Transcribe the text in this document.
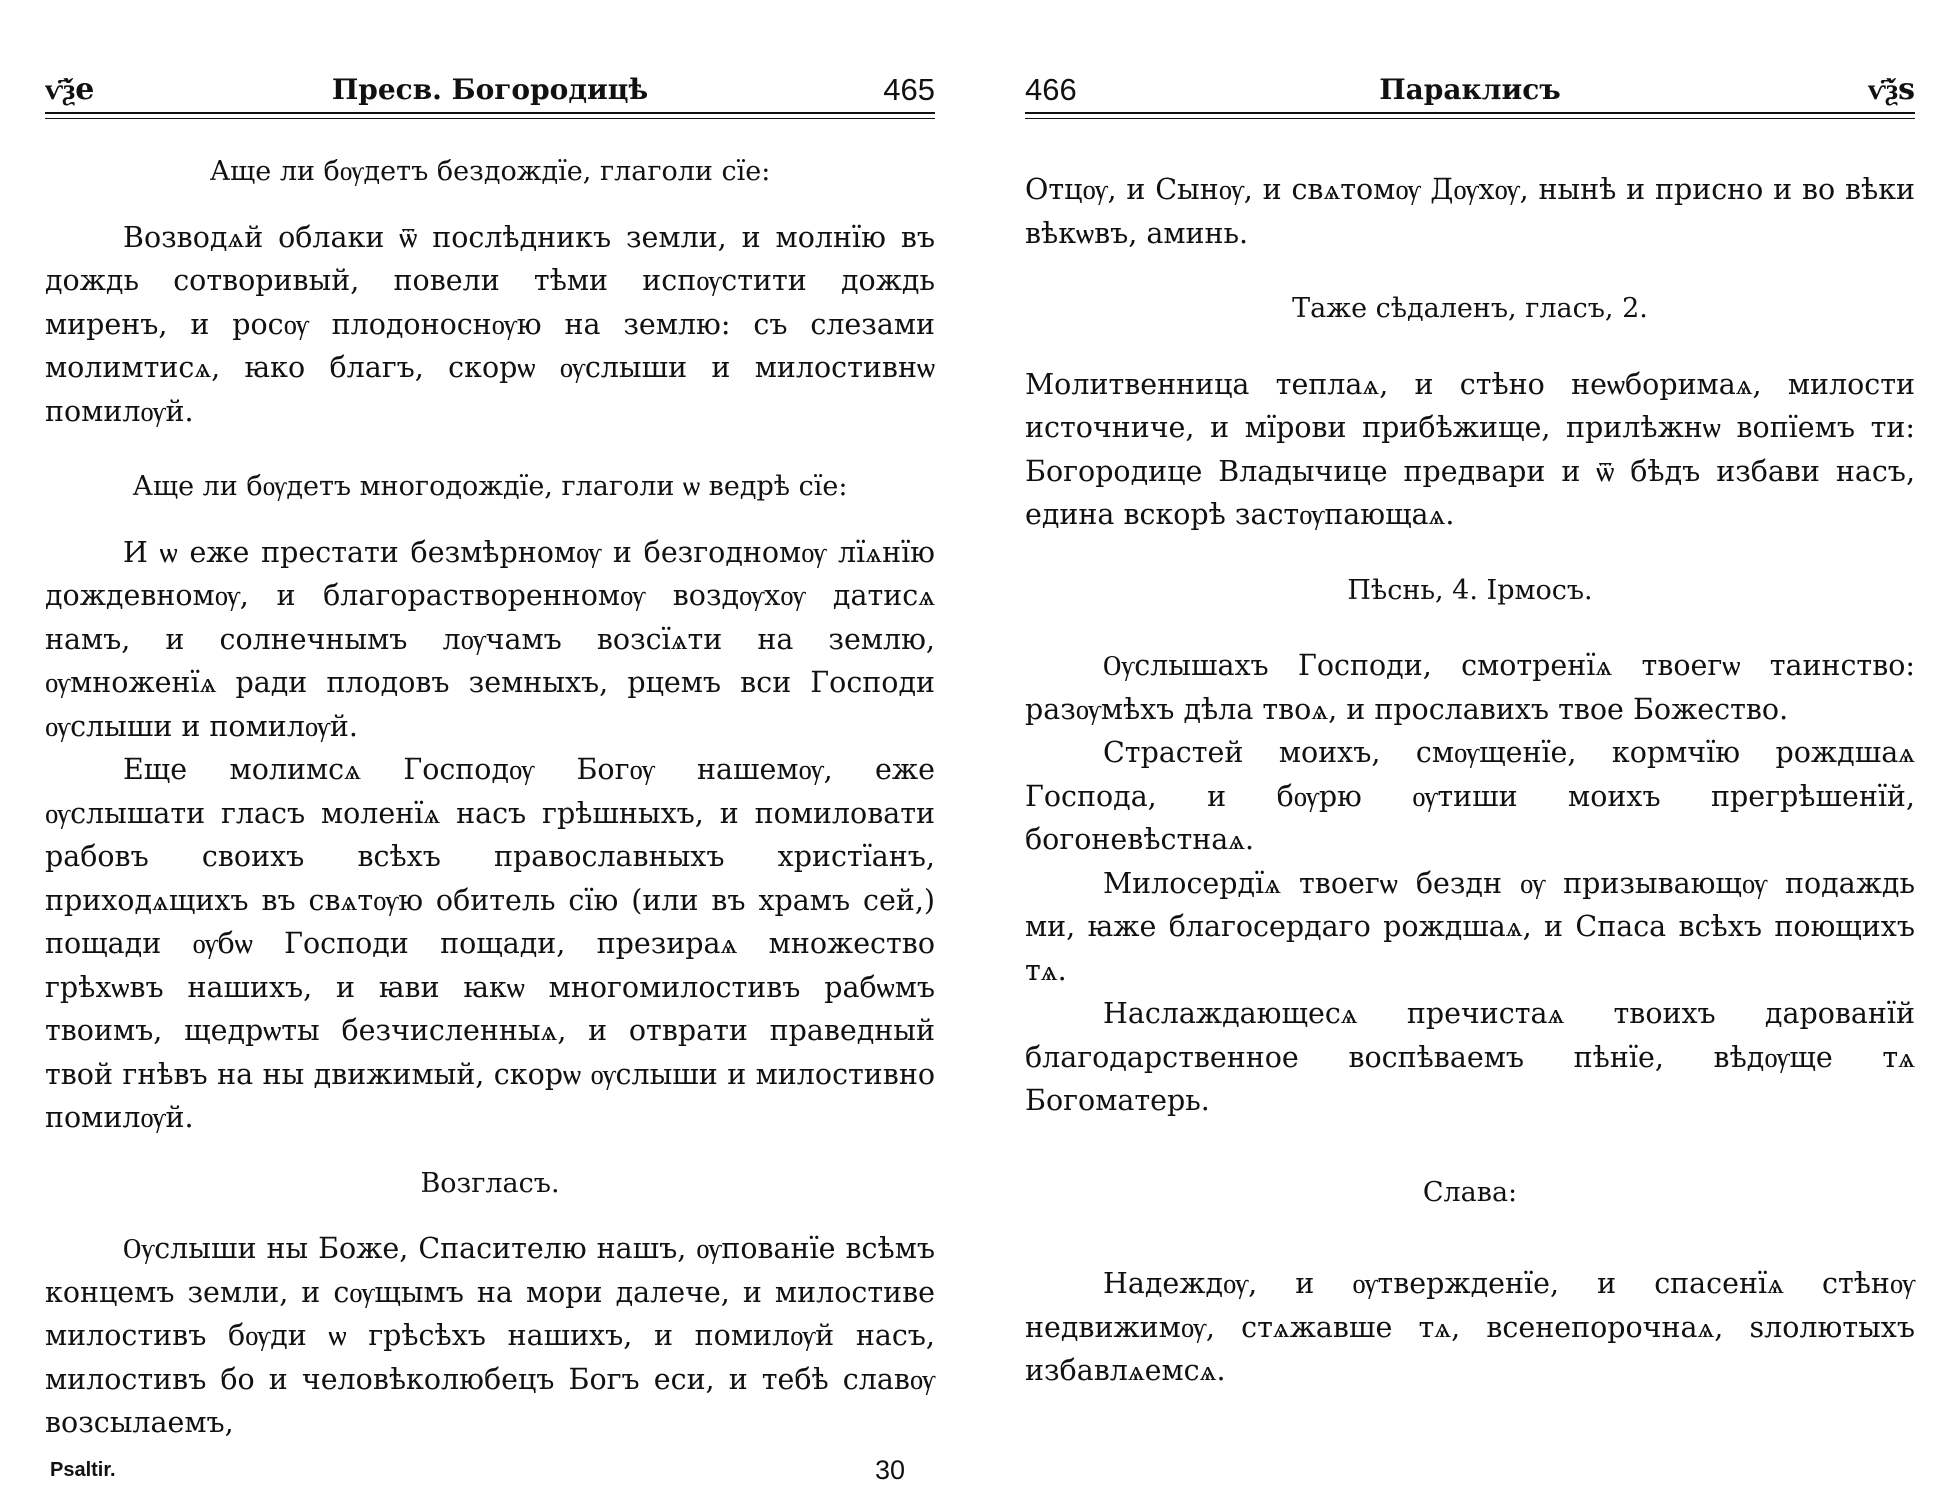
ѵ҃ѯе	Пресв. Богородицѣ	465

Аще ли бѹдетъ бездождїе, глаголи сїе:

Возводѧй облаки ѿ послѣдникъ земли, и молнїю въ дождь сотворивый, повели тѣми испѹстити дождь миренъ, и росѹ плодоноснѹю на землю: съ слезами молимтисѧ, ꙗко благъ, скорѡ ѹслыши и милостивнѡ помилѹй.

Аще ли бѹдетъ многодождїе, глаголи ѡ ведрѣ сїе:

И ѡ еже престати безмѣрномѹ и безгодномѹ лїѧнїю дождевномѹ, и благорастворенномѹ воздѹхѹ датисѧ намъ, и солнечнымъ лѹчамъ возсїѧти на землю, ѹмноженїѧ ради плодовъ земныхъ, рцемъ вси Господи ѹслыши и помилѹй.

Еще молимсѧ Господѹ Богѹ нашемѹ, еже ѹслышати гласъ моленїѧ насъ грѣшныхъ, и помиловати рабовъ своихъ всѣхъ православныхъ христїанъ, приходѧщихъ въ свѧтѹю обитель сїю (или въ храмъ сей,) пощади ѹбѡ Господи пощади, презираѧ множество грѣхѡвъ нашихъ, и ꙗви ꙗкѡ многомилостивъ рабѡмъ твоимъ, щедрѡты безчисленныѧ, и отврати праведный твой гнѣвъ на ны движимый, скорѡ ѹслыши и милостивно помилѹй.

Возгласъ.

Ѹслыши ны Боже, Спасителю нашъ, ѹпованїе всѣмъ концемъ земли, и сѹщымъ на мори далече, и милостиве милостивъ бѹди ѡ грѣсѣхъ нашихъ, и помилѹй насъ, милостивъ бо и человѣколюбецъ Богъ еси, и тебѣ славѹ возсылаемъ,

Psaltir.	30
466	Параклисъ	ѵ҃ѯѕ

Отцѹ, и Сынѹ, и свѧтомѹ Дѹхѹ, нынѣ и присно и во вѣки вѣкѡвъ, аминь.

Таже сѣдаленъ, гласъ, 2.

Молитвенница теплаѧ, и стѣно неѡборимаѧ, милости источниче, и мїрови прибѣжище, прилѣжнѡ вопїемъ ти: Богородице Владычице предвари и ѿ бѣдъ избави насъ, едина вскорѣ застѹпающаѧ.

Пѣснь, 4. Ірмосъ.

Ѹслышахъ Господи, смотренїѧ твоегѡ таинство: разѹмѣхъ дѣла твоѧ, и прославихъ твое Божество.

Страстей моихъ, смѹщенїе, кормчїю рождшаѧ Господа, и бѹрю ѹтиши моихъ прегрѣшенїй, богоневѣстнаѧ.

Милосердїѧ твоегѡ бездн ѹ призывающѹ подаждь ми, ꙗже благосердаго рождшаѧ, и Спаса всѣхъ поющихъ тѧ.

Наслаждающесѧ пречистаѧ твоихъ дарованїй благодарственное воспѣваемъ пѣнїе, вѣдѹще тѧ Богоматерь.

Слава:

Надеждѹ, и ѹтвержденїе, и спасенїѧ стѣнѹ недвижимѹ, стѧжавше тѧ, всенепорочнаѧ, ѕлолютыхъ избавлѧемсѧ.
